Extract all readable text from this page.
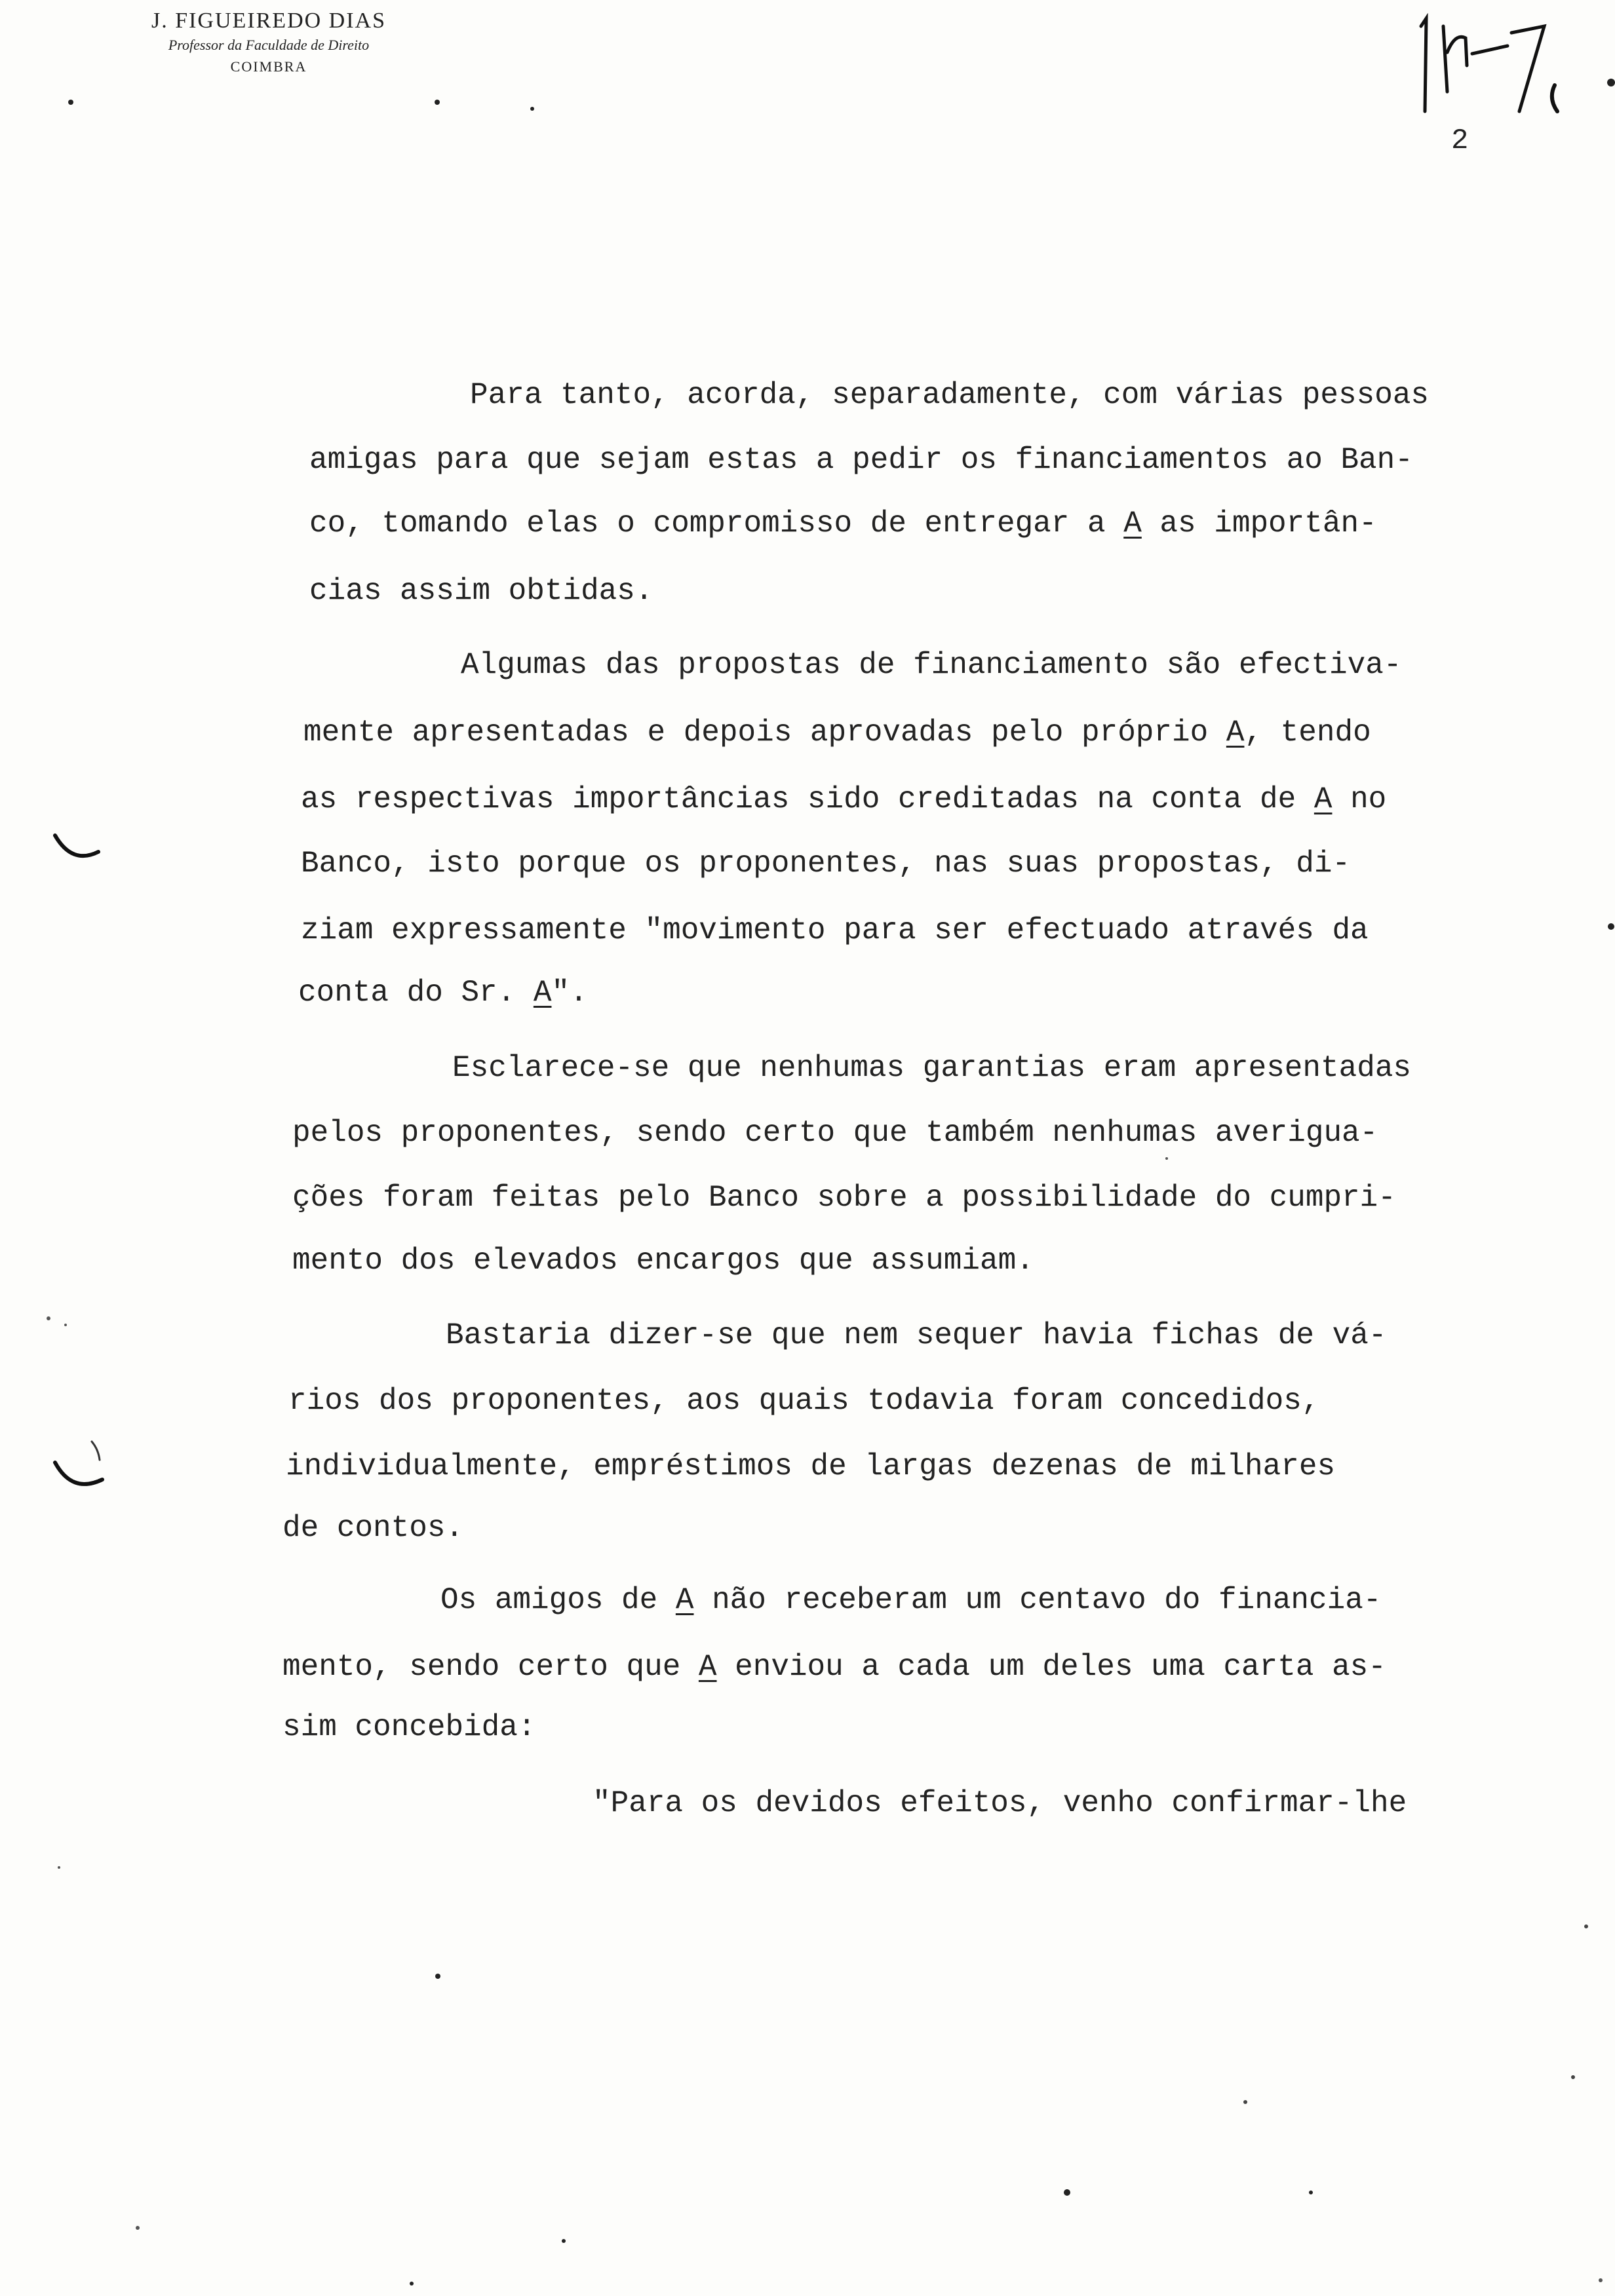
J. FIGUEIREDO DIAS
Professor da Faculdade de Direito
COIMBRA
2
Para tanto, acorda, separadamente, com várias pessoas
amigas para que sejam estas a pedir os financiamentos ao Ban-
co, tomando elas o compromisso de entregar a A as importân-
cias assim obtidas.
Algumas das propostas de financiamento são efectiva-
mente apresentadas e depois aprovadas pelo próprio A, tendo
as respectivas importâncias sido creditadas na conta de A no
Banco, isto porque os proponentes, nas suas propostas, di-
ziam expressamente "movimento para ser efectuado através da
conta do Sr. A".
Esclarece-se que nenhumas garantias eram apresentadas
pelos proponentes, sendo certo que também nenhumas averigua-
ções foram feitas pelo Banco sobre a possibilidade do cumpri-
mento dos elevados encargos que assumiam.
Bastaria dizer-se que nem sequer havia fichas de vá-
rios dos proponentes, aos quais todavia foram concedidos,
individualmente, empréstimos de largas dezenas de milhares
de contos.
Os amigos de A não receberam um centavo do financia-
mento, sendo certo que A enviou a cada um deles uma carta as-
sim concebida:
"Para os devidos efeitos, venho confirmar-lhe
